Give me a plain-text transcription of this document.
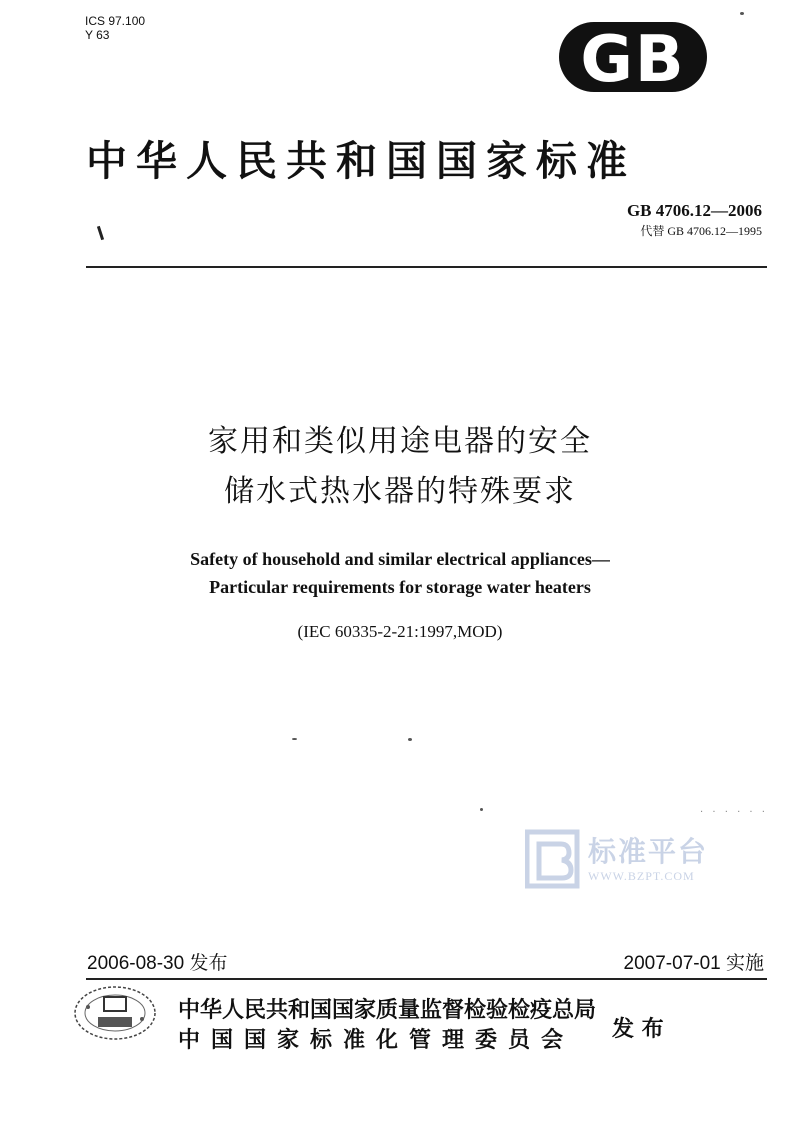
ICS 97.100
Y 63	GB
中华人民共和国国家标准
GB 4706.12—2006
代替 GB 4706.12—1995
家用和类似用途电器的安全
储水式热水器的特殊要求
Safety of household and similar electrical appliances—
Particular requirements for storage water heaters
(IEC 60335-2-21:1997,MOD)
标准平台
WWW.BZPT.COM
· · · · · ·
2006-08-30 发布	2007-07-01 实施
中华人民共和国国家质量监督检验检疫总局
中国国家标准化管理委员会	发 布
